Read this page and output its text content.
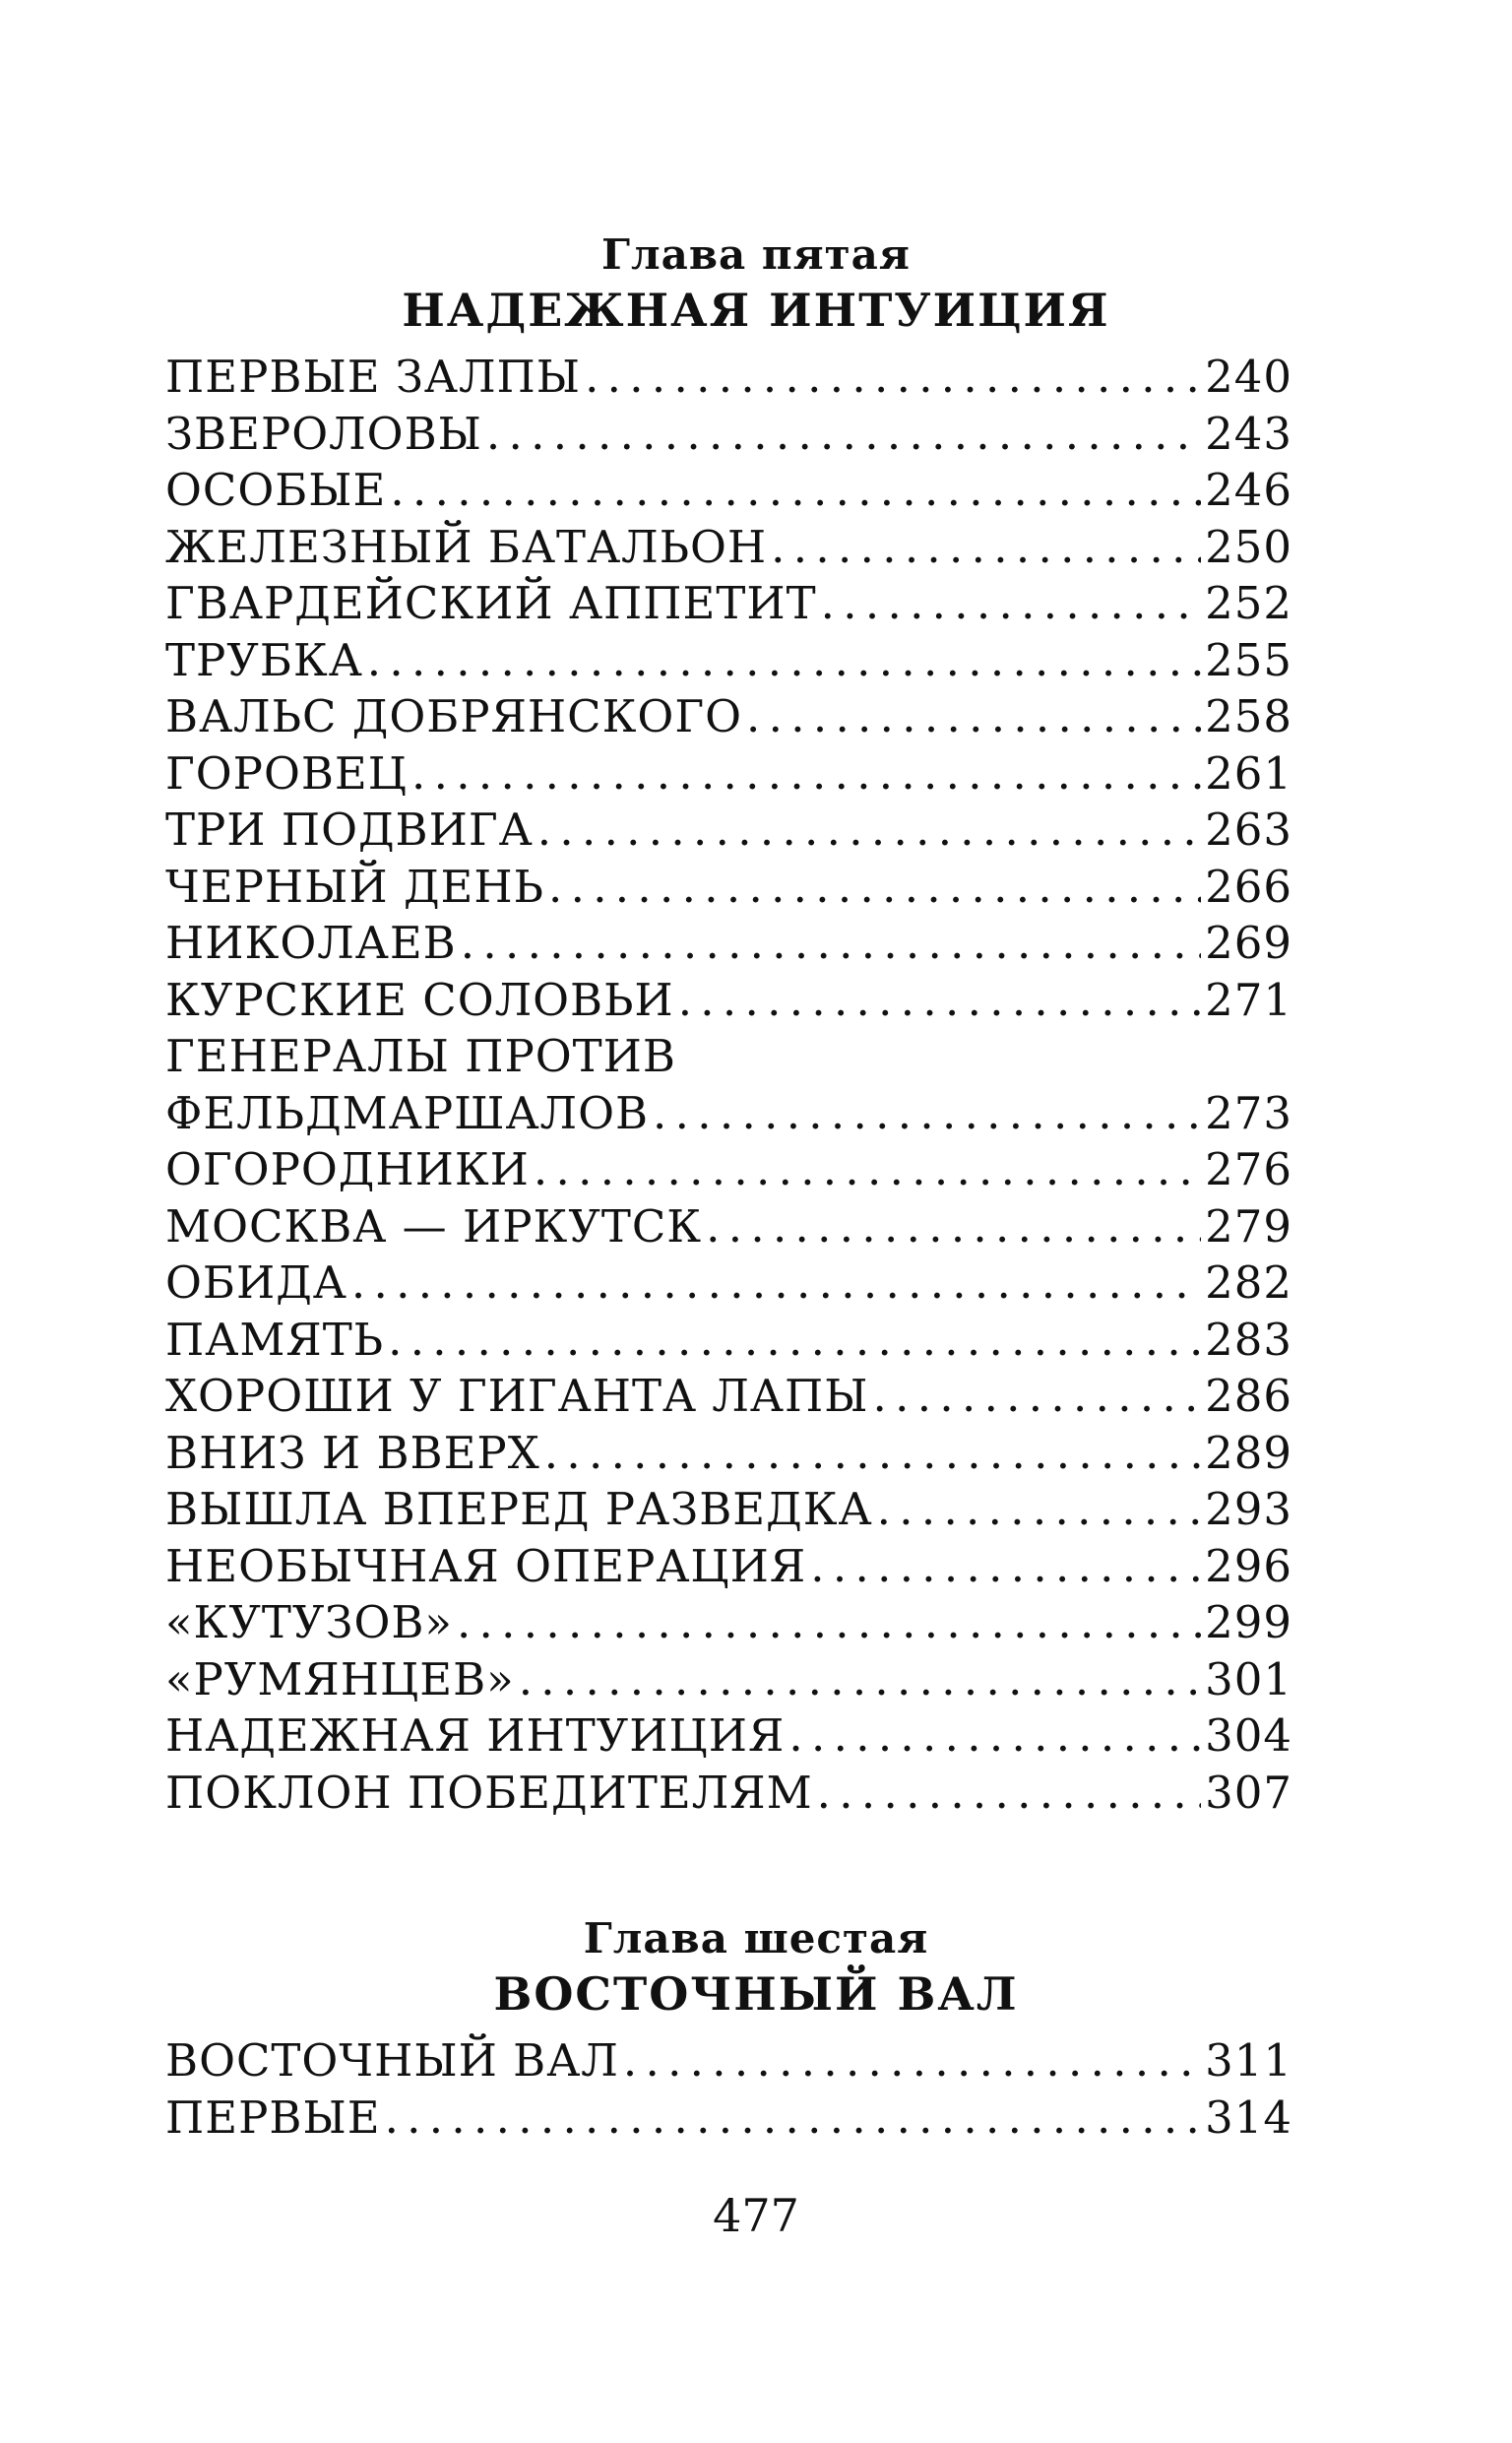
Глава пятая
НАДЕЖНАЯ ИНТУИЦИЯ
ПЕРВЫЕ ЗАЛПЫ . . .	240
ЗВЕРОЛОВЫ . . .	243
ОСОБЫЕ . . .	246
ЖЕЛЕЗНЫЙ БАТАЛЬОН . . .	250
ГВАРДЕЙСКИЙ АППЕТИТ . . .	252
ТРУБКА . . .	255
ВАЛЬС ДОБРЯНСКОГО . . .	258
ГОРОВЕЦ . . .	261
ТРИ ПОДВИГА . . .	263
ЧЕРНЫЙ ДЕНЬ . . .	266
НИКОЛАЕВ . . .	269
КУРСКИЕ СОЛОВЬИ . . .	271
ГЕНЕРАЛЫ ПРОТИВ
ФЕЛЬДМАРШАЛОВ . . .	273
ОГОРОДНИКИ . . .	276
МОСКВА — ИРКУТСК . . .	279
ОБИДА . . .	282
ПАМЯТЬ . . .	283
ХОРОШИ У ГИГАНТА ЛАПЫ . . .	286
ВНИЗ И ВВЕРХ . . .	289
ВЫШЛА ВПЕРЕД РАЗВЕДКА . . .	293
НЕОБЫЧНАЯ ОПЕРАЦИЯ . . .	296
«КУТУЗОВ» . . .	299
«РУМЯНЦЕВ» . . .	301
НАДЕЖНАЯ ИНТУИЦИЯ . . .	304
ПОКЛОН ПОБЕДИТЕЛЯМ . . .	307
Глава шестая
ВОСТОЧНЫЙ ВАЛ
ВОСТОЧНЫЙ ВАЛ . . .	311
ПЕРВЫЕ . . .	314
477
